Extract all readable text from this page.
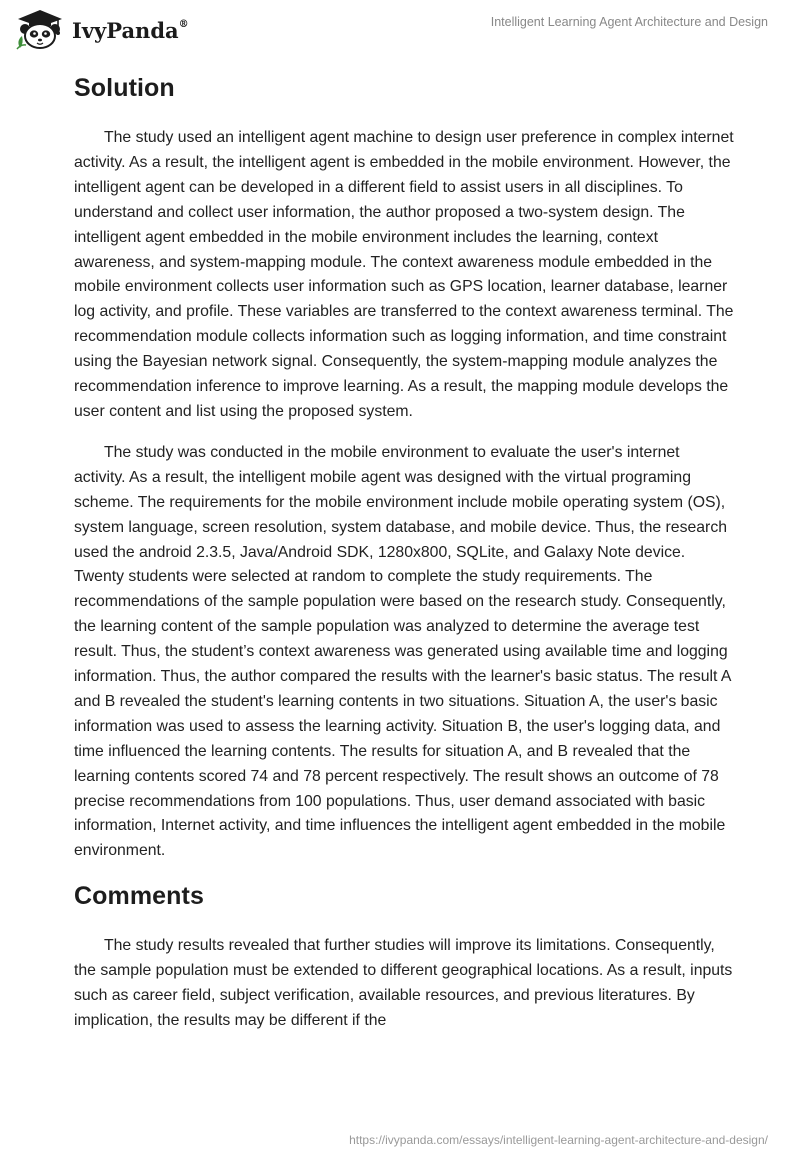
IvyPanda®	Intelligent Learning Agent Architecture and Design
Solution

The study used an intelligent agent machine to design user preference in complex internet activity. As a result, the intelligent agent is embedded in the mobile environment. However, the intelligent agent can be developed in a different field to assist users in all disciplines. To understand and collect user information, the author proposed a two-system design. The intelligent agent embedded in the mobile environment includes the learning, context awareness, and system-mapping module. The context awareness module embedded in the mobile environment collects user information such as GPS location, learner database, learner log activity, and profile. These variables are transferred to the context awareness terminal. The recommendation module collects information such as logging information, and time constraint using the Bayesian network signal. Consequently, the system-mapping module analyzes the recommendation inference to improve learning. As a result, the mapping module develops the user content and list using the proposed system.

The study was conducted in the mobile environment to evaluate the user's internet activity. As a result, the intelligent mobile agent was designed with the virtual programing scheme. The requirements for the mobile environment include mobile operating system (OS), system language, screen resolution, system database, and mobile device. Thus, the research used the android 2.3.5, Java/Android SDK, 1280x800, SQLite, and Galaxy Note device. Twenty students were selected at random to complete the study requirements. The recommendations of the sample population were based on the research study. Consequently, the learning content of the sample population was analyzed to determine the average test result. Thus, the student’s context awareness was generated using available time and logging information. Thus, the author compared the results with the learner's basic status. The result A and B revealed the student's learning contents in two situations. Situation A, the user's basic information was used to assess the learning activity. Situation B, the user's logging data, and time influenced the learning contents. The results for situation A, and B revealed that the learning contents scored 74 and 78 percent respectively. The result shows an outcome of 78 precise recommendations from 100 populations. Thus, user demand associated with basic information, Internet activity, and time influences the intelligent agent embedded in the mobile environment.

Comments

The study results revealed that further studies will improve its limitations. Consequently, the sample population must be extended to different geographical locations. As a result, inputs such as career field, subject verification, available resources, and previous literatures. By implication, the results may be different if the

https://ivypanda.com/essays/intelligent-learning-agent-architecture-and-design/
